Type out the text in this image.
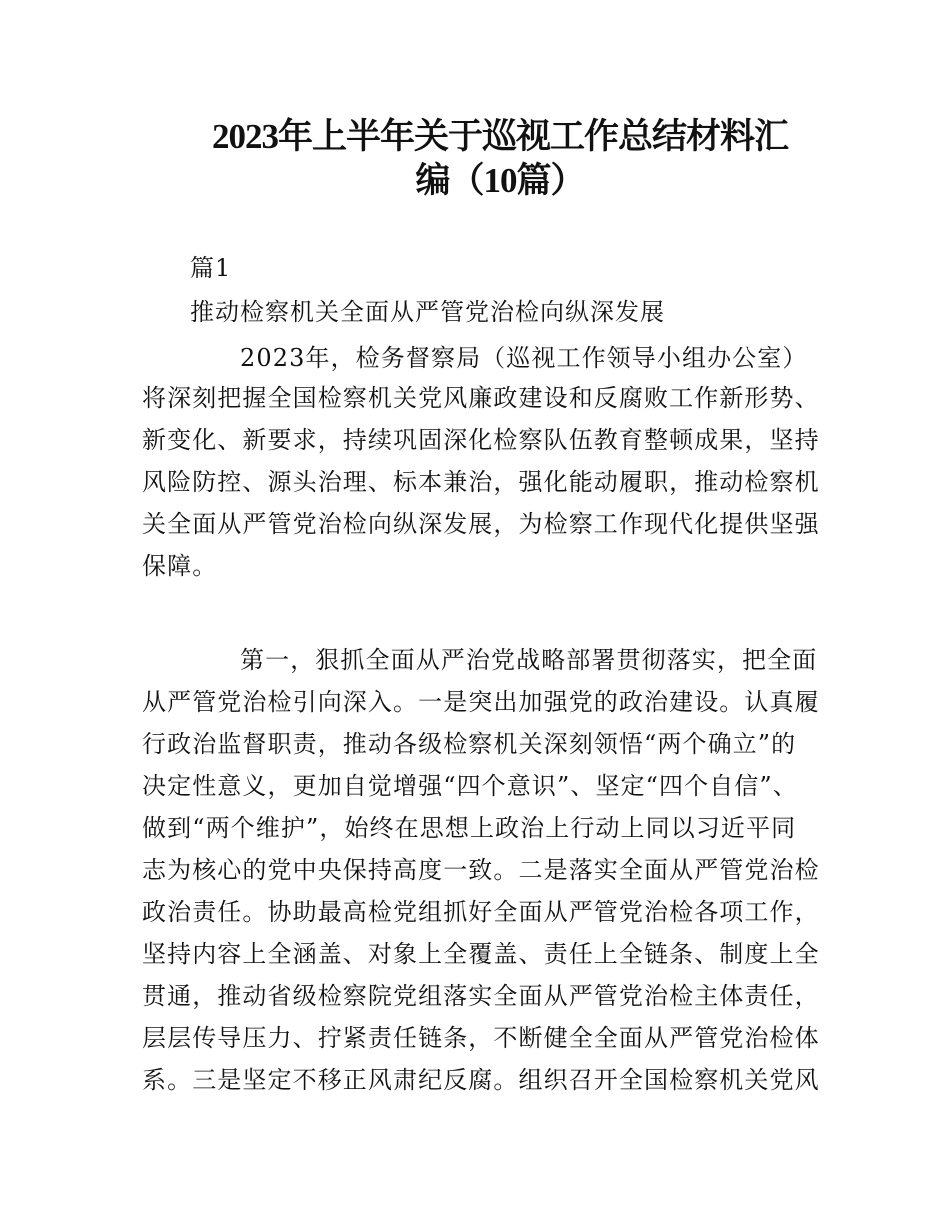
2023年上半年关于巡视工作总结材料汇
编（10篇）
篇1
推动检察机关全面从严管党治检向纵深发展
2023年，检务督察局（巡视工作领导小组办公室）
将深刻把握全国检察机关党风廉政建设和反腐败工作新形势、
新变化、新要求，持续巩固深化检察队伍教育整顿成果，坚持
风险防控、源头治理、标本兼治，强化能动履职，推动检察机
关全面从严管党治检向纵深发展，为检察工作现代化提供坚强
保障。
第一，狠抓全面从严治党战略部署贯彻落实，把全面
从严管党治检引向深入。一是突出加强党的政治建设。认真履
行政治监督职责，推动各级检察机关深刻领悟“两个确立”的
决定性意义，更加自觉增强“四个意识”、坚定“四个自信”、
做到“两个维护”，始终在思想上政治上行动上同以习近平同
志为核心的党中央保持高度一致。二是落实全面从严管党治检
政治责任。协助最高检党组抓好全面从严管党治检各项工作，
坚持内容上全涵盖、对象上全覆盖、责任上全链条、制度上全
贯通，推动省级检察院党组落实全面从严管党治检主体责任，
层层传导压力、拧紧责任链条，不断健全全面从严管党治检体
系。三是坚定不移正风肃纪反腐。组织召开全国检察机关党风
